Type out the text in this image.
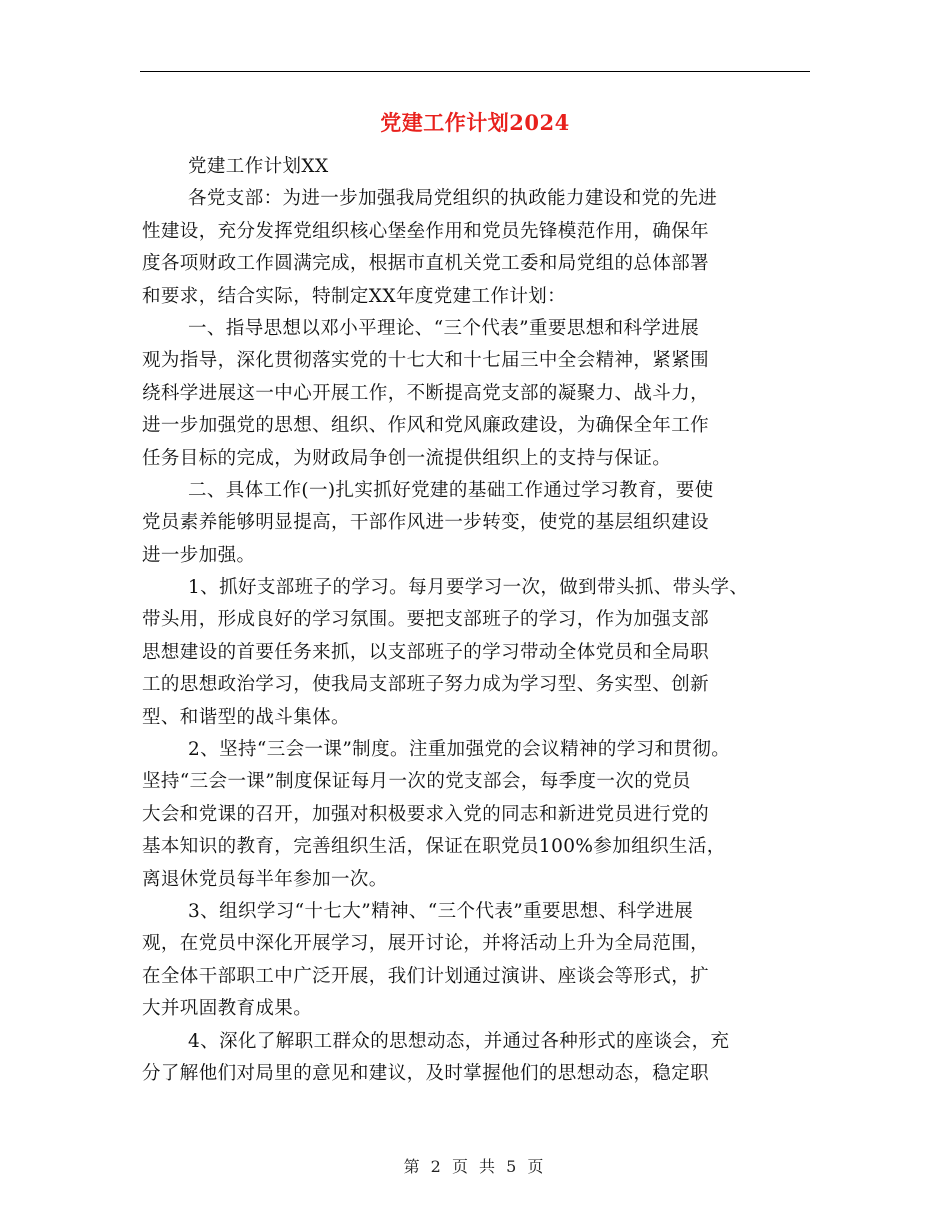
党建工作计划2024
党建工作计划XX
各党支部：为进一步加强我局党组织的执政能力建设和党的先进
性建设，充分发挥党组织核心堡垒作用和党员先锋模范作用，确保年
度各项财政工作圆满完成，根据市直机关党工委和局党组的总体部署
和要求，结合实际，特制定XX年度党建工作计划：
一、指导思想以邓小平理论、“三个代表”重要思想和科学进展
观为指导，深化贯彻落实党的十七大和十七届三中全会精神，紧紧围
绕科学进展这一中心开展工作，不断提高党支部的凝聚力、战斗力，
进一步加强党的思想、组织、作风和党风廉政建设，为确保全年工作
任务目标的完成，为财政局争创一流提供组织上的支持与保证。
二、具体工作(一)扎实抓好党建的基础工作通过学习教育，要使
党员素养能够明显提高，干部作风进一步转变，使党的基层组织建设
进一步加强。
1、抓好支部班子的学习。每月要学习一次，做到带头抓、带头学、
带头用，形成良好的学习氛围。要把支部班子的学习，作为加强支部
思想建设的首要任务来抓，以支部班子的学习带动全体党员和全局职
工的思想政治学习，使我局支部班子努力成为学习型、务实型、创新
型、和谐型的战斗集体。
2、坚持“三会一课”制度。注重加强党的会议精神的学习和贯彻。
坚持“三会一课”制度保证每月一次的党支部会，每季度一次的党员
大会和党课的召开，加强对积极要求入党的同志和新进党员进行党的
基本知识的教育，完善组织生活，保证在职党员100%参加组织生活，
离退休党员每半年参加一次。
3、组织学习“十七大”精神、“三个代表”重要思想、科学进展
观，在党员中深化开展学习，展开讨论，并将活动上升为全局范围，
在全体干部职工中广泛开展，我们计划通过演讲、座谈会等形式，扩
大并巩固教育成果。
4、深化了解职工群众的思想动态，并通过各种形式的座谈会，充
分了解他们对局里的意见和建议，及时掌握他们的思想动态，稳定职
第 2 页 共 5 页
